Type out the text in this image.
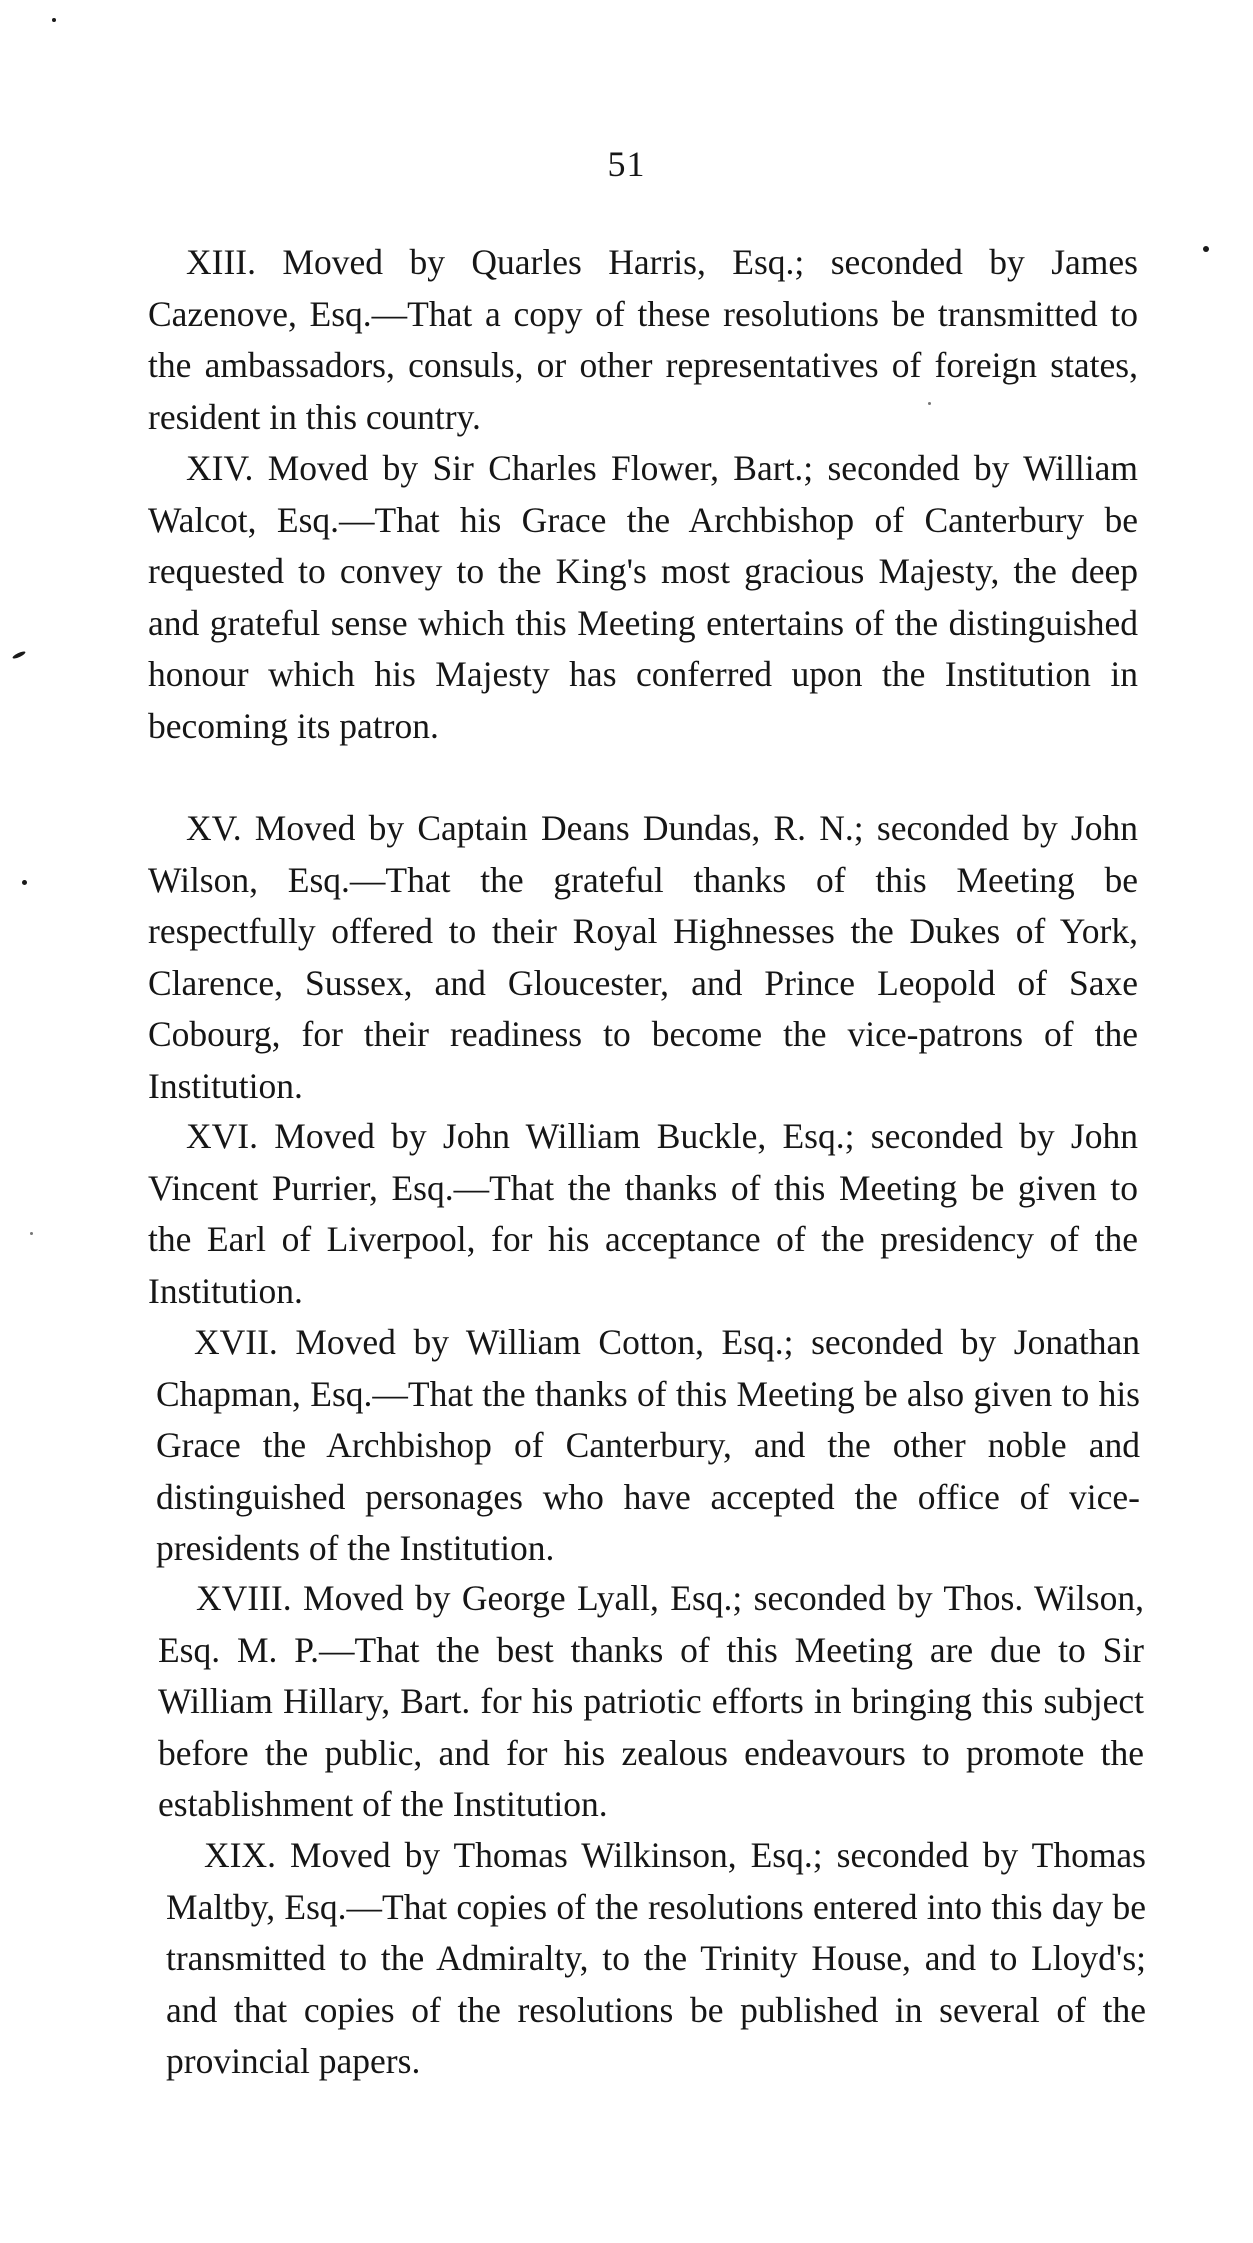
51

XIII. Moved by Quarles Harris, Esq.; seconded by James Cazenove, Esq.—That a copy of these resolutions be transmitted to the ambassadors, consuls, or other representatives of foreign states, resident in this country.

XIV. Moved by Sir Charles Flower, Bart.; seconded by William Walcot, Esq.—That his Grace the Archbishop of Canterbury be requested to convey to the King's most gracious Majesty, the deep and grateful sense which this Meeting entertains of the distinguished honour which his Majesty has conferred upon the Institution in becoming its patron.

XV. Moved by Captain Deans Dundas, R. N.; seconded by John Wilson, Esq.—That the grateful thanks of this Meeting be respectfully offered to their Royal Highnesses the Dukes of York, Clarence, Sussex, and Gloucester, and Prince Leopold of Saxe Cobourg, for their readiness to become the vice-patrons of the Institution.

XVI. Moved by John William Buckle, Esq.; seconded by John Vincent Purrier, Esq.—That the thanks of this Meeting be given to the Earl of Liverpool, for his acceptance of the presidency of the Institution.

XVII. Moved by William Cotton, Esq.; seconded by Jonathan Chapman, Esq.—That the thanks of this Meeting be also given to his Grace the Archbishop of Canterbury, and the other noble and distinguished personages who have accepted the office of vice-presidents of the Institution.

XVIII. Moved by George Lyall, Esq.; seconded by Thos. Wilson, Esq. M. P.—That the best thanks of this Meeting are due to Sir William Hillary, Bart. for his patriotic efforts in bringing this subject before the public, and for his zealous endeavours to promote the establishment of the Institution.

XIX. Moved by Thomas Wilkinson, Esq.; seconded by Thomas Maltby, Esq.—That copies of the resolutions entered into this day be transmitted to the Admiralty, to the Trinity House, and to Lloyd's; and that copies of the resolutions be published in several of the provincial papers.
